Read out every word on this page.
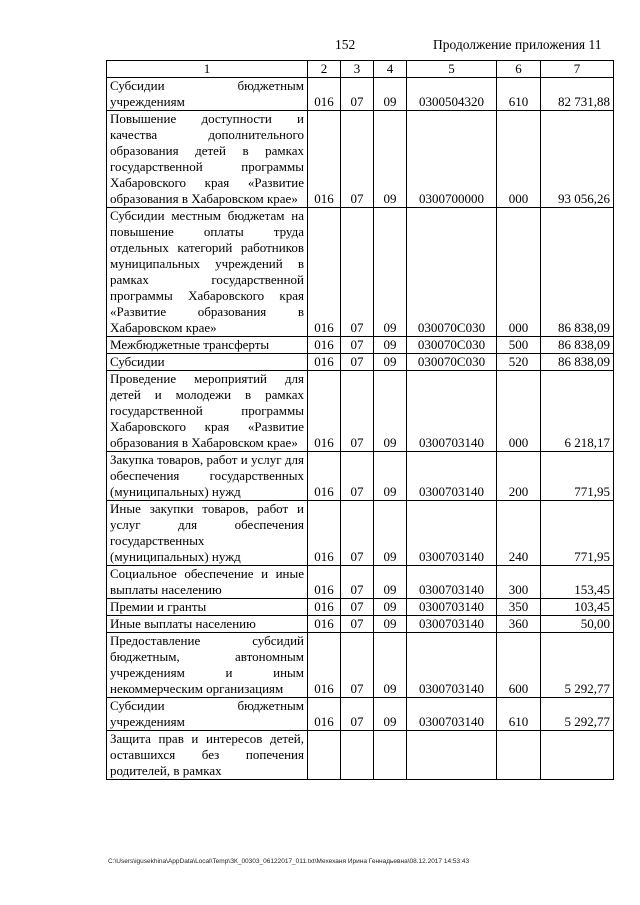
152	Продолжение приложения 11
1	2	3	4	5	6	7
Субсидии бюджетным учреждениям	016	07	09	0300504320	610	82 731,88
Повышение доступности и качества дополнительного образования детей в рамках государственной программы Хабаровского края «Развитие образования в Хабаровском крае»	016	07	09	0300700000	000	93 056,26
Субсидии местным бюджетам на повышение оплаты труда отдельных категорий работников муниципальных учреждений в рамках государственной программы Хабаровского края «Развитие образования в Хабаровском крае»	016	07	09	030070С030	000	86 838,09
Межбюджетные трансферты	016	07	09	030070С030	500	86 838,09
Субсидии	016	07	09	030070С030	520	86 838,09
Проведение мероприятий для детей и молодежи в рамках государственной программы Хабаровского края «Развитие образования в Хабаровском крае»	016	07	09	0300703140	000	6 218,17
Закупка товаров, работ и услуг для обеспечения государственных (муниципальных) нужд	016	07	09	0300703140	200	771,95
Иные закупки товаров, работ и услуг для обеспечения государственных (муниципальных) нужд	016	07	09	0300703140	240	771,95
Социальное обеспечение и иные выплаты населению	016	07	09	0300703140	300	153,45
Премии и гранты	016	07	09	0300703140	350	103,45
Иные выплаты населению	016	07	09	0300703140	360	50,00
Предоставление субсидий бюджетным, автономным учреждениям и иным некоммерческим организациям	016	07	09	0300703140	600	5 292,77
Субсидии бюджетным учреждениям	016	07	09	0300703140	610	5 292,77
Защита прав и интересов детей, оставшихся без попечения родителей, в рамках						
C:\Users\igusekhina\AppData\Local\Temp\ЗК_00303_06122017_011.txt\Мехеханя Ирина Геннадьевна\08.12.2017 14:53:43
